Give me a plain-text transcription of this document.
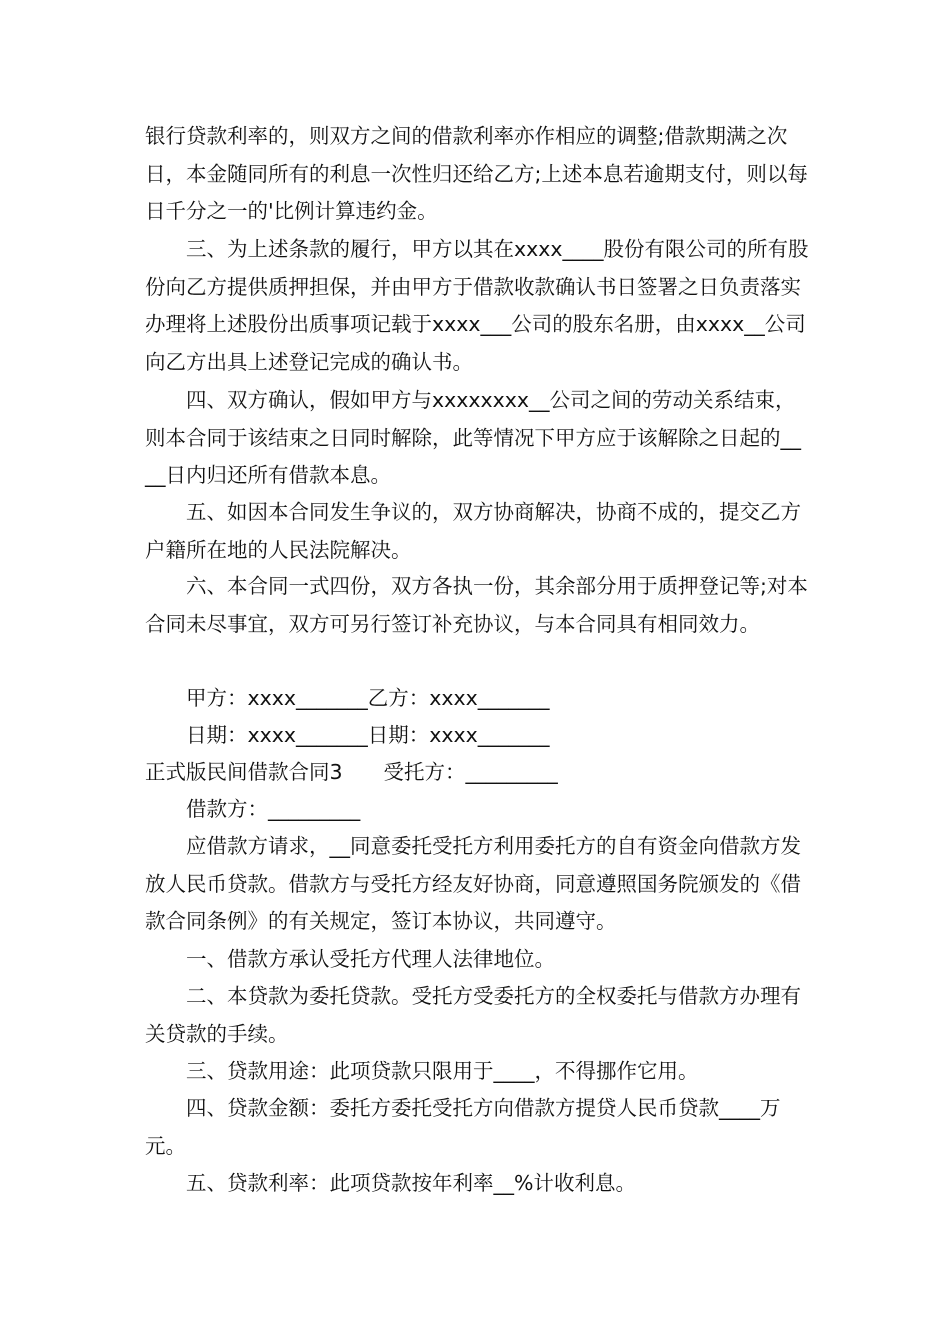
银行贷款利率的，则双方之间的借款利率亦作相应的调整;借款期满之次日，本金随同所有的利息一次性归还给乙方;上述本息若逾期支付，则以每日千分之一的'比例计算违约金。

三、为上述条款的履行，甲方以其在xxxx____股份有限公司的所有股份向乙方提供质押担保，并由甲方于借款收款确认书日签署之日负责落实办理将上述股份出质事项记载于xxxx___公司的股东名册，由xxxx__公司向乙方出具上述登记完成的确认书。

四、双方确认，假如甲方与xxxxxxxx__公司之间的劳动关系结束，则本合同于该结束之日同时解除，此等情况下甲方应于该解除之日起的____日内归还所有借款本息。

五、如因本合同发生争议的，双方协商解决，协商不成的，提交乙方户籍所在地的人民法院解决。

六、本合同一式四份，双方各执一份，其余部分用于质押登记等;对本合同未尽事宜，双方可另行签订补充协议，与本合同具有相同效力。

甲方：xxxx_______乙方：xxxx_______

日期：xxxx_______日期：xxxx_______

正式版民间借款合同3　　受托方：_________

借款方：_________

应借款方请求，__同意委托受托方利用委托方的自有资金向借款方发放人民币贷款。借款方与受托方经友好协商，同意遵照国务院颁发的《借款合同条例》的有关规定，签订本协议，共同遵守。

一、借款方承认受托方代理人法律地位。

二、本贷款为委托贷款。受托方受委托方的全权委托与借款方办理有关贷款的手续。

三、贷款用途：此项贷款只限用于____，不得挪作它用。

四、贷款金额：委托方委托受托方向借款方提贷人民币贷款____万元。

五、贷款利率：此项贷款按年利率__%计收利息。
